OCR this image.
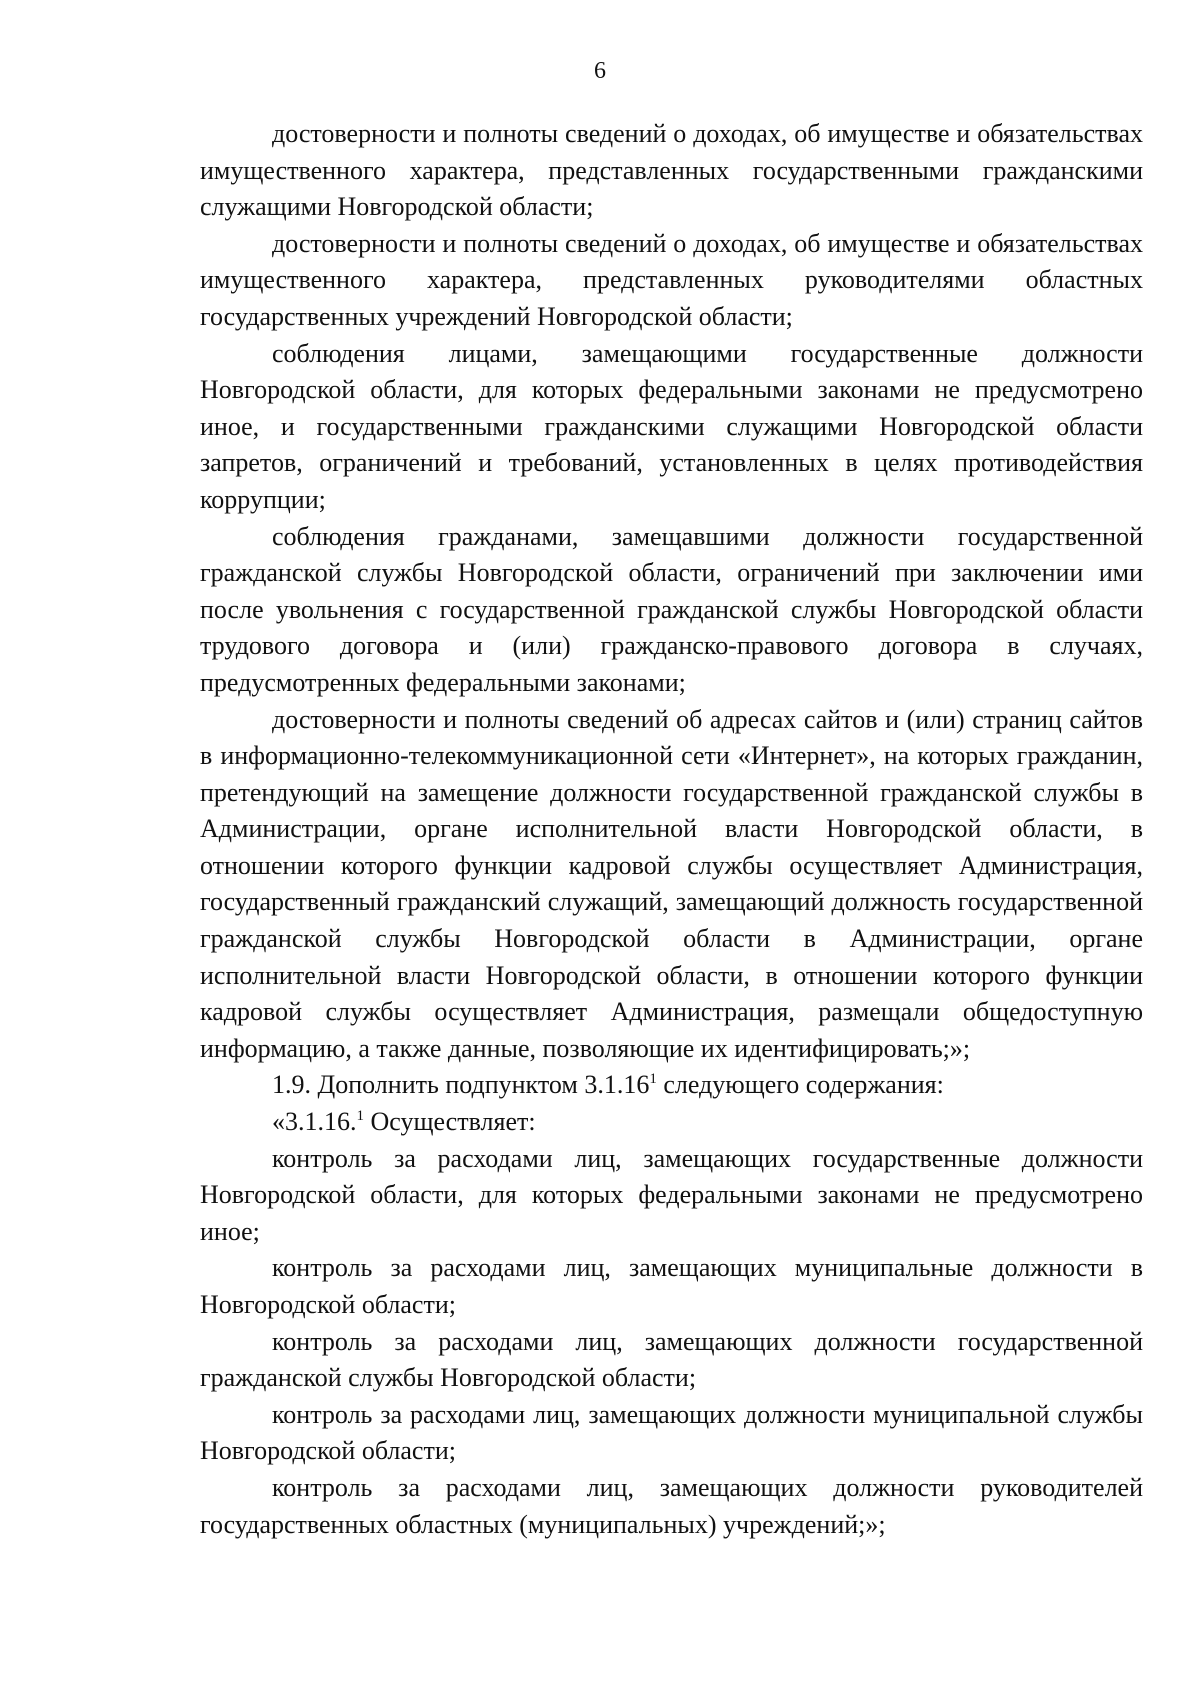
6

достоверности и полноты сведений о доходах, об имуществе и обязательствах имущественного характера, представленных государственными гражданскими служащими Новгородской области;

достоверности и полноты сведений о доходах, об имуществе и обязательствах имущественного характера, представленных руководителями областных государственных учреждений Новгородской области;

соблюдения лицами, замещающими государственные должности Новгородской области, для которых федеральными законами не предусмотрено иное, и государственными гражданскими служащими Новгородской области запретов, ограничений и требований, установленных в целях противодействия коррупции;

соблюдения гражданами, замещавшими должности государственной гражданской службы Новгородской области, ограничений при заключении ими после увольнения с государственной гражданской службы Новгородской области трудового договора и (или) гражданско-правового договора в случаях, предусмотренных федеральными законами;

достоверности и полноты сведений об адресах сайтов и (или) страниц сайтов в информационно-телекоммуникационной сети «Интернет», на которых гражданин, претендующий на замещение должности государственной гражданской службы в Администрации, органе исполнительной власти Новгородской области, в отношении которого функции кадровой службы осуществляет Администрация, государственный гражданский служащий, замещающий должность государственной гражданской службы Новгородской области в Администрации, органе исполнительной власти Новгородской области, в отношении которого функции кадровой службы осуществляет Администрация, размещали общедоступную информацию, а также данные, позволяющие их идентифицировать;»;

1.9. Дополнить подпунктом 3.1.16$^1$ следующего содержания:

«3.1.16.$^1$ Осуществляет:

контроль за расходами лиц, замещающих государственные должности Новгородской области, для которых федеральными законами не предусмотрено иное;

контроль за расходами лиц, замещающих муниципальные должности в Новгородской области;

контроль за расходами лиц, замещающих должности государственной гражданской службы Новгородской области;

контроль за расходами лиц, замещающих должности муниципальной службы Новгородской области;

контроль за расходами лиц, замещающих должности руководителей государственных областных (муниципальных) учреждений;»;
